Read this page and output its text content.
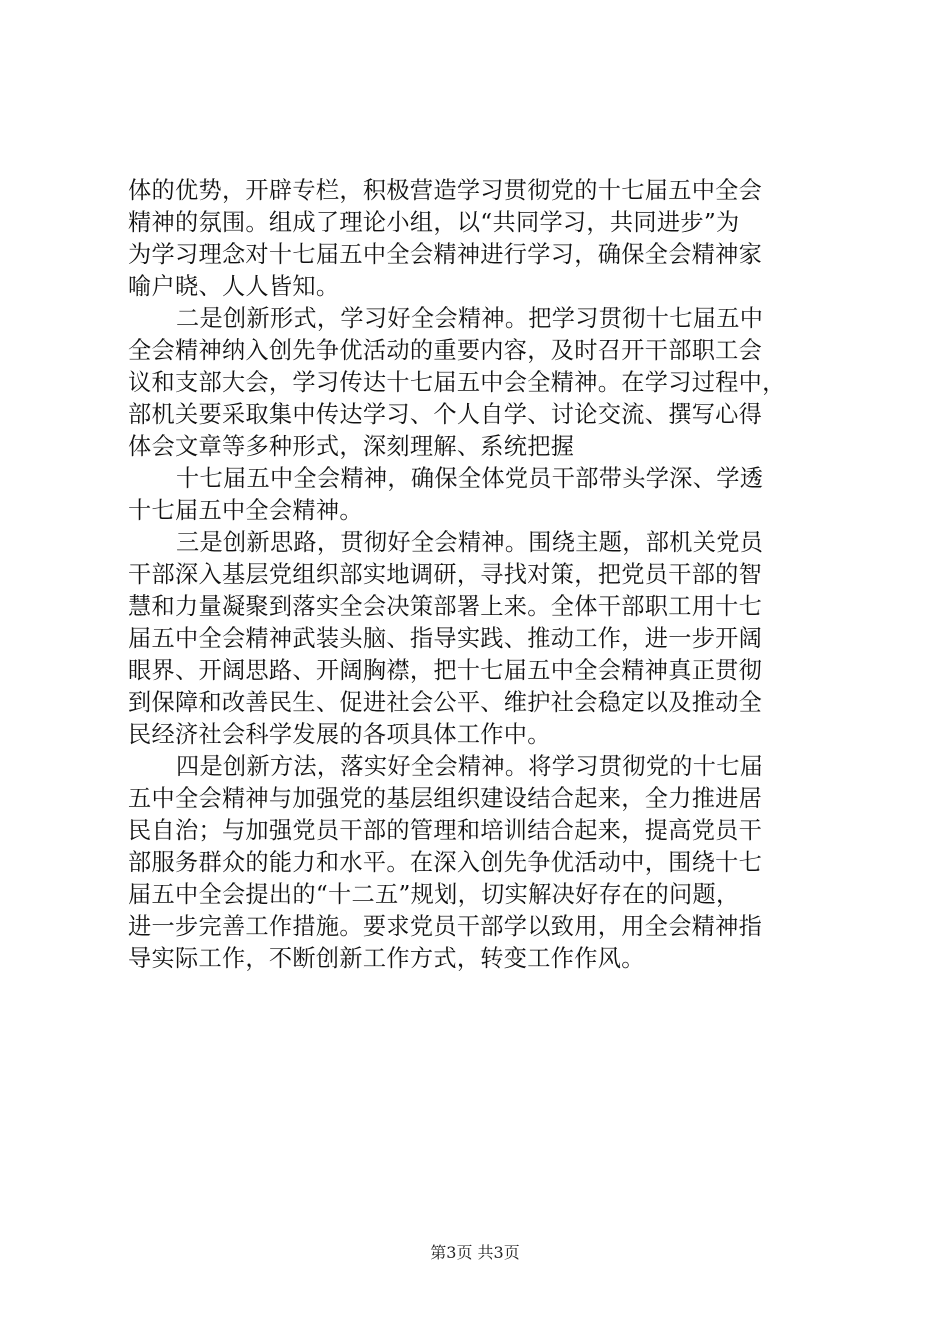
体的优势，开辟专栏，积极营造学习贯彻党的十七届五中全会
精神的氛围。组成了理论小组，以“共同学习，共同进步”为
为学习理念对十七届五中全会精神进行学习，确保全会精神家
喻户晓、人人皆知。
二是创新形式，学习好全会精神。把学习贯彻十七届五中
全会精神纳入创先争优活动的重要内容，及时召开干部职工会
议和支部大会，学习传达十七届五中会全精神。在学习过程中，
部机关要采取集中传达学习、个人自学、讨论交流、撰写心得
体会文章等多种形式，深刻理解、系统把握
十七届五中全会精神，确保全体党员干部带头学深、学透
十七届五中全会精神。
三是创新思路，贯彻好全会精神。围绕主题，部机关党员
干部深入基层党组织部实地调研，寻找对策，把党员干部的智
慧和力量凝聚到落实全会决策部署上来。全体干部职工用十七
届五中全会精神武装头脑、指导实践、推动工作，进一步开阔
眼界、开阔思路、开阔胸襟，把十七届五中全会精神真正贯彻
到保障和改善民生、促进社会公平、维护社会稳定以及推动全
民经济社会科学发展的各项具体工作中。
四是创新方法，落实好全会精神。将学习贯彻党的十七届
五中全会精神与加强党的基层组织建设结合起来，全力推进居
民自治；与加强党员干部的管理和培训结合起来，提高党员干
部服务群众的能力和水平。在深入创先争优活动中，围绕十七
届五中全会提出的“十二五”规划，切实解决好存在的问题，
进一步完善工作措施。要求党员干部学以致用，用全会精神指
导实际工作，不断创新工作方式，转变工作作风。
第3页 共3页
